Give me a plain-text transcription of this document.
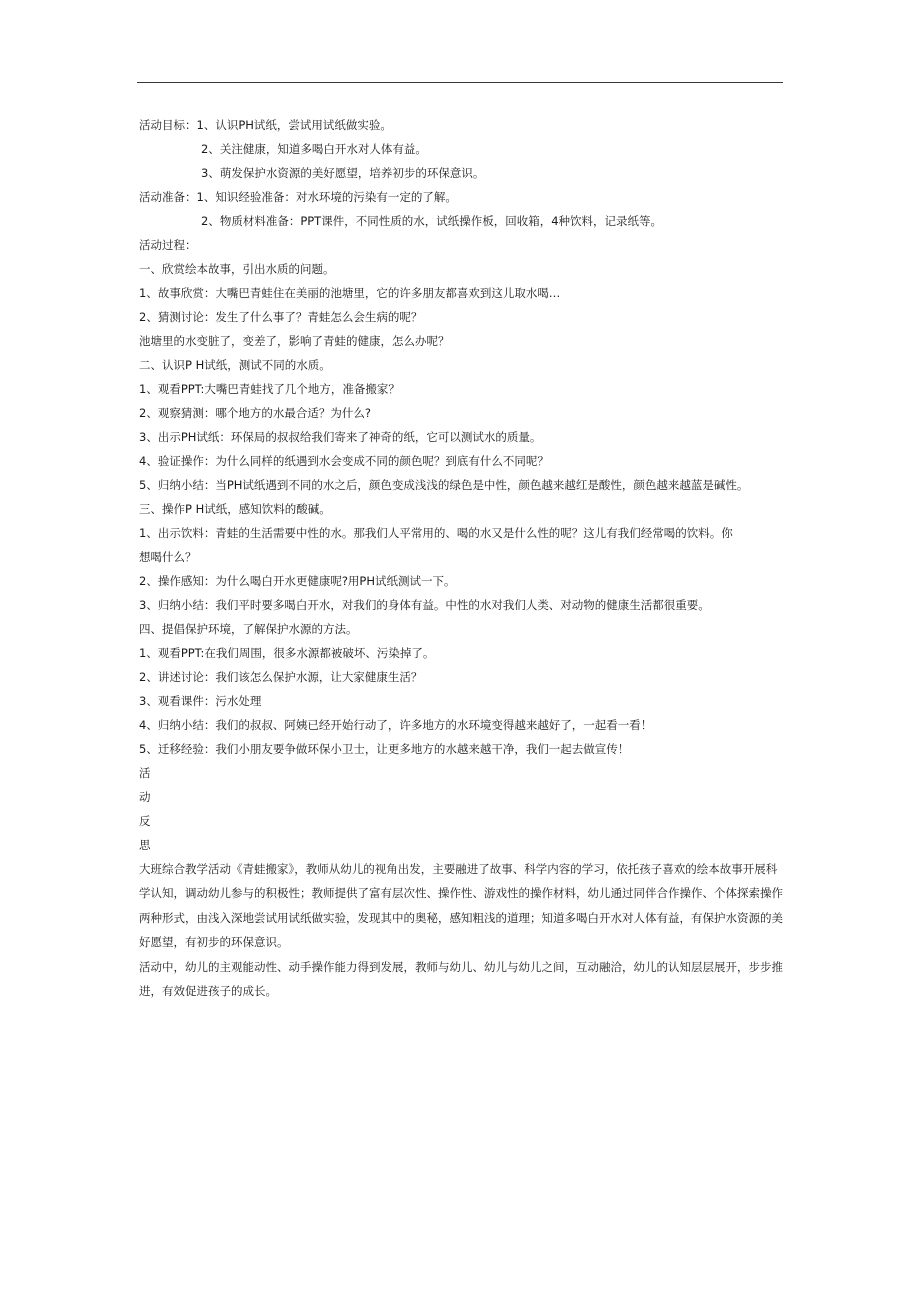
活动目标：1、认识PH试纸，尝试用试纸做实验。
2、关注健康，知道多喝白开水对人体有益。
3、萌发保护水资源的美好愿望，培养初步的环保意识。
活动准备：1、知识经验准备：对水环境的污染有一定的了解。
2、物质材料准备：PPT课件，不同性质的水，试纸操作板，回收箱，4种饮料，记录纸等。
活动过程：
一、欣赏绘本故事，引出水质的问题。
1、故事欣赏：大嘴巴青蛙住在美丽的池塘里，它的许多朋友都喜欢到这儿取水喝…
2、猜测讨论：发生了什么事了？青蛙怎么会生病的呢？
池塘里的水变脏了，变差了，影响了青蛙的健康，怎么办呢？
二、认识P H试纸，测试不同的水质。
1、观看PPT:大嘴巴青蛙找了几个地方，准备搬家？
2、观察猜测：哪个地方的水最合适？为什么?
3、出示PH试纸：环保局的叔叔给我们寄来了神奇的纸，它可以测试水的质量。
4、验证操作：为什么同样的纸遇到水会变成不同的颜色呢？到底有什么不同呢？
5、归纳小结：当PH试纸遇到不同的水之后，颜色变成浅浅的绿色是中性，颜色越来越红是酸性，颜色越来越蓝是碱性。
三、操作P H试纸，感知饮料的酸碱。
1、出示饮料：青蛙的生活需要中性的水。那我们人平常用的、喝的水又是什么性的呢？这儿有我们经常喝的饮料。你
想喝什么？
2、操作感知：为什么喝白开水更健康呢?用PH试纸测试一下。
3、归纳小结：我们平时要多喝白开水，对我们的身体有益。中性的水对我们人类、对动物的健康生活都很重要。
四、提倡保护环境，了解保护水源的方法。
1、观看PPT:在我们周围，很多水源都被破坏、污染掉了。
2、讲述讨论：我们该怎么保护水源，让大家健康生活？
3、观看课件：污水处理
4、归纳小结：我们的叔叔、阿姨已经开始行动了，许多地方的水环境变得越来越好了，一起看一看！
5、迁移经验：我们小朋友要争做环保小卫士，让更多地方的水越来越干净，我们一起去做宣传！
活
动
反
思
大班综合教学活动《青蛙搬家》，教师从幼儿的视角出发，主要融进了故事、科学内容的学习，依托孩子喜欢的绘本故事开展科学认知，调动幼儿参与的积极性；教师提供了富有层次性、操作性、游戏性的操作材料，幼儿通过同伴合作操作、个体探索操作两种形式，由浅入深地尝试用试纸做实验，发现其中的奥秘，感知粗浅的道理；知道多喝白开水对人体有益，有保护水资源的美好愿望，有初步的环保意识。
活动中，幼儿的主观能动性、动手操作能力得到发展，教师与幼儿、幼儿与幼儿之间，互动融洽，幼儿的认知层层展开，步步推进，有效促进孩子的成长。
